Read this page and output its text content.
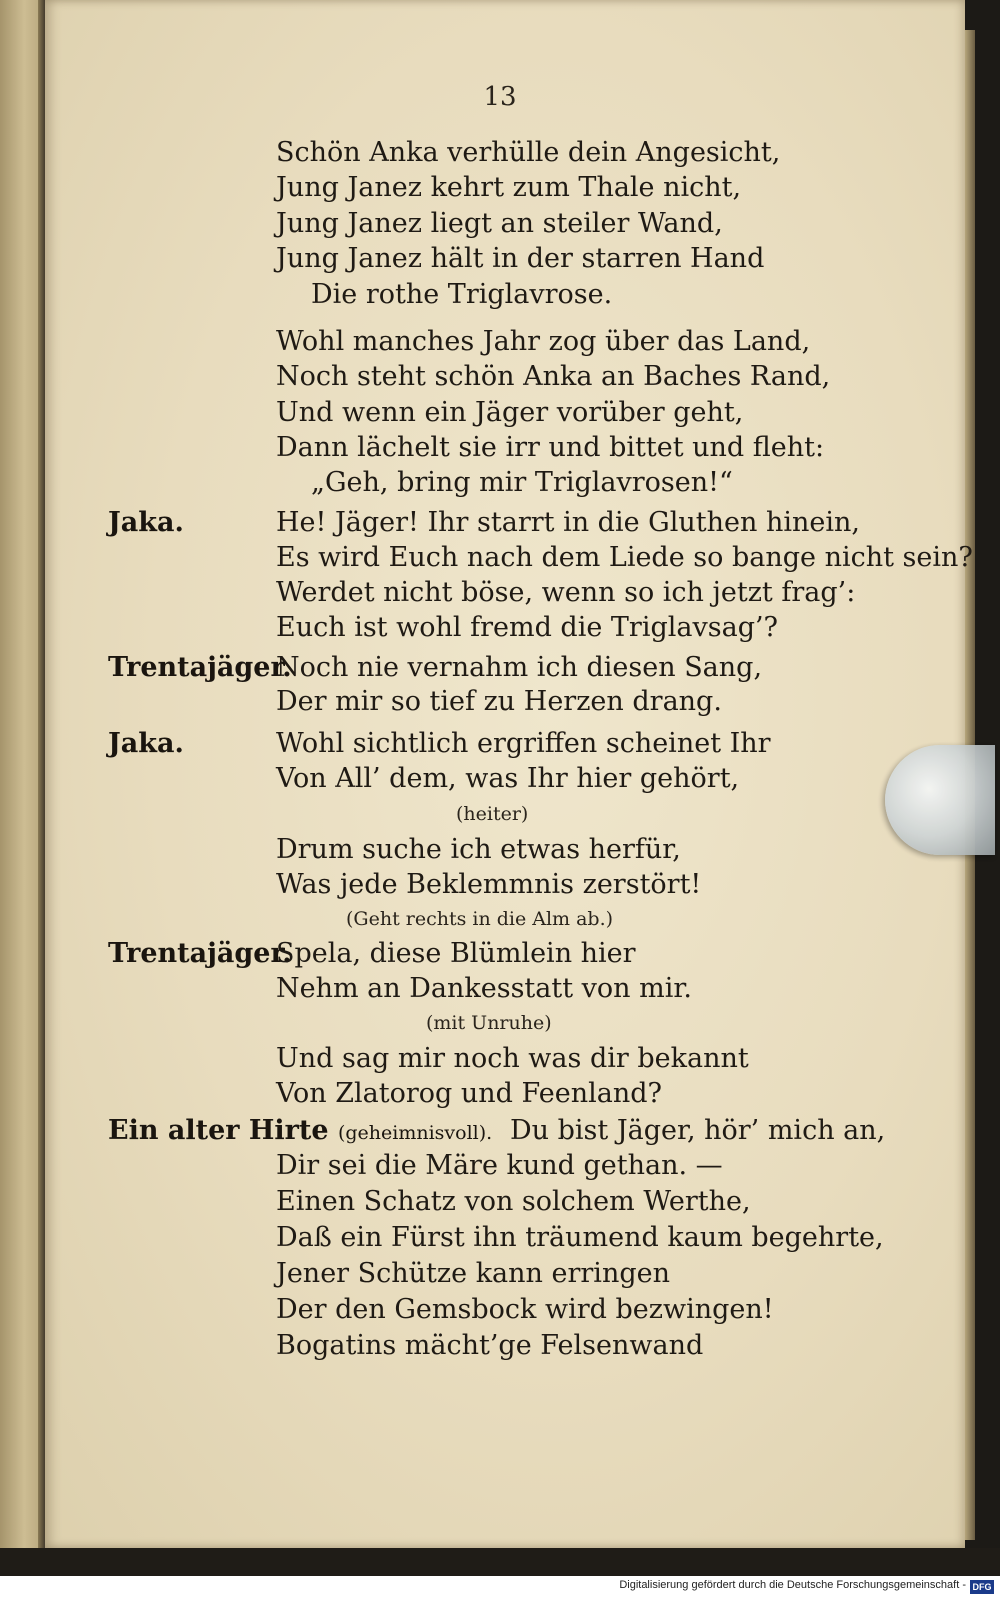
13
Schön Anka verhülle dein Angesicht,
Jung Janez kehrt zum Thale nicht,
Jung Janez liegt an steiler Wand,
Jung Janez hält in der starren Hand
Die rothe Triglavrose.
Wohl manches Jahr zog über das Land,
Noch steht schön Anka an Baches Rand,
Und wenn ein Jäger vorüber geht,
Dann lächelt sie irr und bittet und fleht:
„Geh, bring mir Triglavrosen!“
Jaka.	He! Jäger! Ihr starrt in die Gluthen hinein,
Es wird Euch nach dem Liede so bange nicht sein?
Werdet nicht böse, wenn so ich jetzt frag’:
Euch ist wohl fremd die Triglavsag’?
Trentajäger.
Noch nie vernahm ich diesen Sang,
Der mir so tief zu Herzen drang.
Jaka.	Wohl sichtlich ergriffen scheinet Ihr
Von All’ dem, was Ihr hier gehört,
(heiter)
Drum suche ich etwas herfür,
Was jede Beklemmnis zerstört!
(Geht rechts in die Alm ab.)
Trentajäger.
Spela, diese Blümlein hier
Nehm an Dankesstatt von mir.
(mit Unruhe)
Und sag mir noch was dir bekannt
Von Zlatorog und Feenland?
Ein alter Hirte (geheimnisvoll). Du bist Jäger, hör’ mich an,
Dir sei die Märe kund gethan. —
Einen Schatz von solchem Werthe,
Daß ein Fürst ihn träumend kaum begehrte,
Jener Schütze kann erringen
Der den Gemsbock wird bezwingen!
Bogatins mächt’ge Felsenwand
Digitalisierung gefördert durch die Deutsche Forschungsgemeinschaft - DFG
